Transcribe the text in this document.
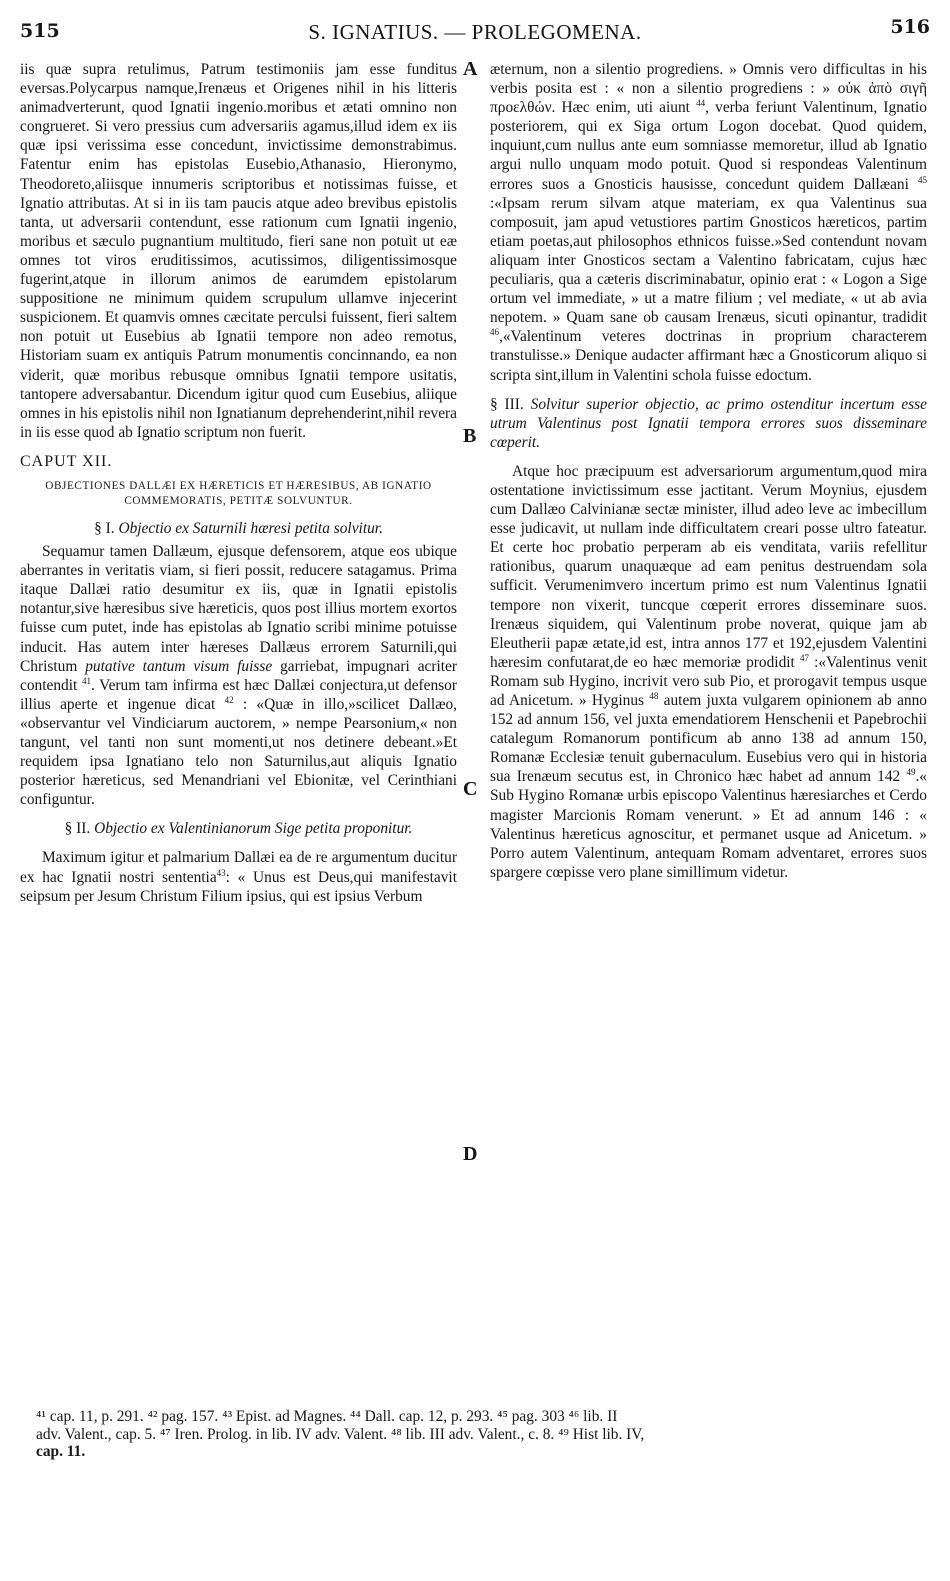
515	S. IGNATIUS. — PROLEGOMENA.	516
A
B
C
D

iis quæ supra retulimus, Patrum testimoniis jam esse funditus eversas.Polycarpus namque,Irenæus et Origenes nihil in his litteris animadverterunt, quod Ignatii ingenio.moribus et ætati omnino non congrueret. Si vero pressius cum adversariis agamus,illud idem ex iis quæ ipsi verissima esse concedunt, invictissime demonstrabimus. Fatentur enim has epistolas Eusebio,Athanasio, Hieronymo, Theodoreto,aliisque innumeris scriptoribus et notissimas fuisse, et Ignatio attributas. At si in iis tam paucis atque adeo brevibus epistolis tanta, ut adversarii contendunt, esse rationum cum Ignatii ingenio, moribus et sæculo pugnantium multitudo, fieri sane non potuit ut eæ omnes tot viros eruditissimos, acutissimos, diligentissimosque fugerint,atque in illorum animos de earumdem epistolarum suppositione ne minimum quidem scrupulum ullamve injecerint suspicionem. Et quamvis omnes cæcitate perculsi fuissent, fieri saltem non potuit ut Eusebius ab Ignatii tempore non adeo remotus, Historiam suam ex antiquis Patrum monumentis concinnando, ea non viderit, quæ moribus rebusque omnibus Ignatii tempore usitatis, tantopere adversabantur. Dicendum igitur quod cum Eusebius, aliique omnes in his epistolis nihil non Ignatianum deprehenderint,nihil revera in iis esse quod ab Ignatio scriptum non fuerit.

CAPUT XII.

OBJECTIONES DALLÆI EX HÆRETICIS ET HÆRESIBUS, AB IGNATIO COMMEMORATIS, PETITÆ SOLVUNTUR.

§ I. Objectio ex Saturnili hæresi petita solvitur.

Sequamur tamen Dallæum, ejusque defensorem, atque eos ubique aberrantes in veritatis viam, si fieri possit, reducere satagamus. Prima itaque Dallæi ratio desumitur ex iis, quæ in Ignatii epistolis notantur,sive hæresibus sive hæreticis, quos post illius mortem exortos fuisse cum putet, inde has epistolas ab Ignatio scribi minime potuisse inducit. Has autem inter hæreses Dallæus errorem Saturnili,qui Christum putative tantum visum fuisse garriebat, impugnari acriter contendit $^{41}$. Verum tam infirma est hæc Dallæi conjectura,ut defensor illius aperte et ingenue dicat $^{42}$ : «Quæ in illo,»scilicet Dallæo, «observantur vel Vindiciarum auctorem, » nempe Pearsonium,« non tangunt, vel tanti non sunt momenti,ut nos detinere debeant.»Et requidem ipsa Ignatiano telo non Saturnilus,aut aliquis Ignatio posterior hæreticus, sed Menandriani vel Ebionitæ, vel Cerinthiani configuntur.

§ II. Objectio ex Valentinianorum Sige petita proponitur.

Maximum igitur et palmarium Dallæi ea de re argumentum ducitur ex hac Ignatii nostri sententia$^{43}$: « Unus est Deus,qui manifestavit seipsum per Jesum Christum Filium ipsius, qui est ipsius Verbum

æternum, non a silentio progrediens. » Omnis vero difficultas in his verbis posita est : « non a silentio progrediens : » οὐκ ἀπὸ σιγῆ προελθών. Hæc enim, uti aiunt $^{44}$, verba feriunt Valentinum, Ignatio posteriorem, qui ex Siga ortum Logon docebat. Quod quidem, inquiunt,cum nullus ante eum somniasse memoretur, illud ab Ignatio argui nullo unquam modo potuit. Quod si respondeas Valentinum errores suos a Gnosticis hausisse, concedunt quidem Dallæani $^{45}$ :«Ipsam rerum silvam atque materiam, ex qua Valentinus sua composuit, jam apud vetustiores partim Gnosticos hæreticos, partim etiam poetas,aut philosophos ethnicos fuisse.»Sed contendunt novam aliquam inter Gnosticos sectam a Valentino fabricatam, cujus hæc peculiaris, qua a cæteris discriminabatur, opinio erat : « Logon a Sige ortum vel immediate, » ut a matre filium ; vel mediate, « ut ab avia nepotem. » Quam sane ob causam Irenæus, sicuti opinantur, tradidit $^{46}$,«Valentinum veteres doctrinas in proprium characterem transtulisse.» Denique audacter affirmant hæc a Gnosticorum aliquo si scripta sint,illum in Valentini schola fuisse edoctum.

§ III. Solvitur superior objectio, ac primo ostenditur incertum esse utrum Valentinus post Ignatii tempora errores suos disseminare cœperit.

Atque hoc præcipuum est adversariorum argumentum,quod mira ostentatione invictissimum esse jactitant. Verum Moynius, ejusdem cum Dallæo Calvinianæ sectæ minister, illud adeo leve ac imbecillum esse judicavit, ut nullam inde difficultatem creari posse ultro fateatur. Et certe hoc probatio perperam ab eis venditata, variis refellitur rationibus, quarum unaquæque ad eam penitus destruendam sola sufficit. Verumenimvero incertum primo est num Valentinus Ignatii tempore non vixerit, tuncque cœperit errores disseminare suos. Irenæus siquidem, qui Valentinum probe noverat, quique jam ab Eleutherii papæ ætate,id est, intra annos 177 et 192,ejusdem Valentini hæresim confutarat,de eo hæc memoriæ prodidit $^{47}$ :«Valentinus venit Romam sub Hygino, incrivit vero sub Pio, et prorogavit tempus usque ad Anicetum. » Hyginus $^{48}$ autem juxta vulgarem opinionem ab anno 152 ad annum 156, vel juxta emendatiorem Henschenii et Papebrochii catalegum Romanorum pontificum ab anno 138 ad annum 150, Romanæ Ecclesiæ tenuit gubernaculum. Eusebius vero qui in historia sua Irenæum secutus est, in Chronico hæc habet ad annum 142 $^{49}$.« Sub Hygino Romanæ urbis episcopo Valentinus hæresiarches et Cerdo magister Marcionis Romam venerunt. » Et ad annum 146 : « Valentinus hæreticus agnoscitur, et permanet usque ad Anicetum. » Porro autem Valentinum, antequam Romam adventaret, errores suos spargere cœpisse vero plane simillimum videtur.

⁴¹ cap. 11, p. 291. ⁴² pag. 157. ⁴³ Epist. ad Magnes. ⁴⁴ Dall. cap. 12, p. 293. ⁴⁵ pag. 303 ⁴⁶ lib. II

adv. Valent., cap. 5. ⁴⁷ Iren. Prolog. in lib. IV adv. Valent. ⁴⁸ lib. III adv. Valent., c. 8. ⁴⁹ Hist lib. IV,

cap. 11.
